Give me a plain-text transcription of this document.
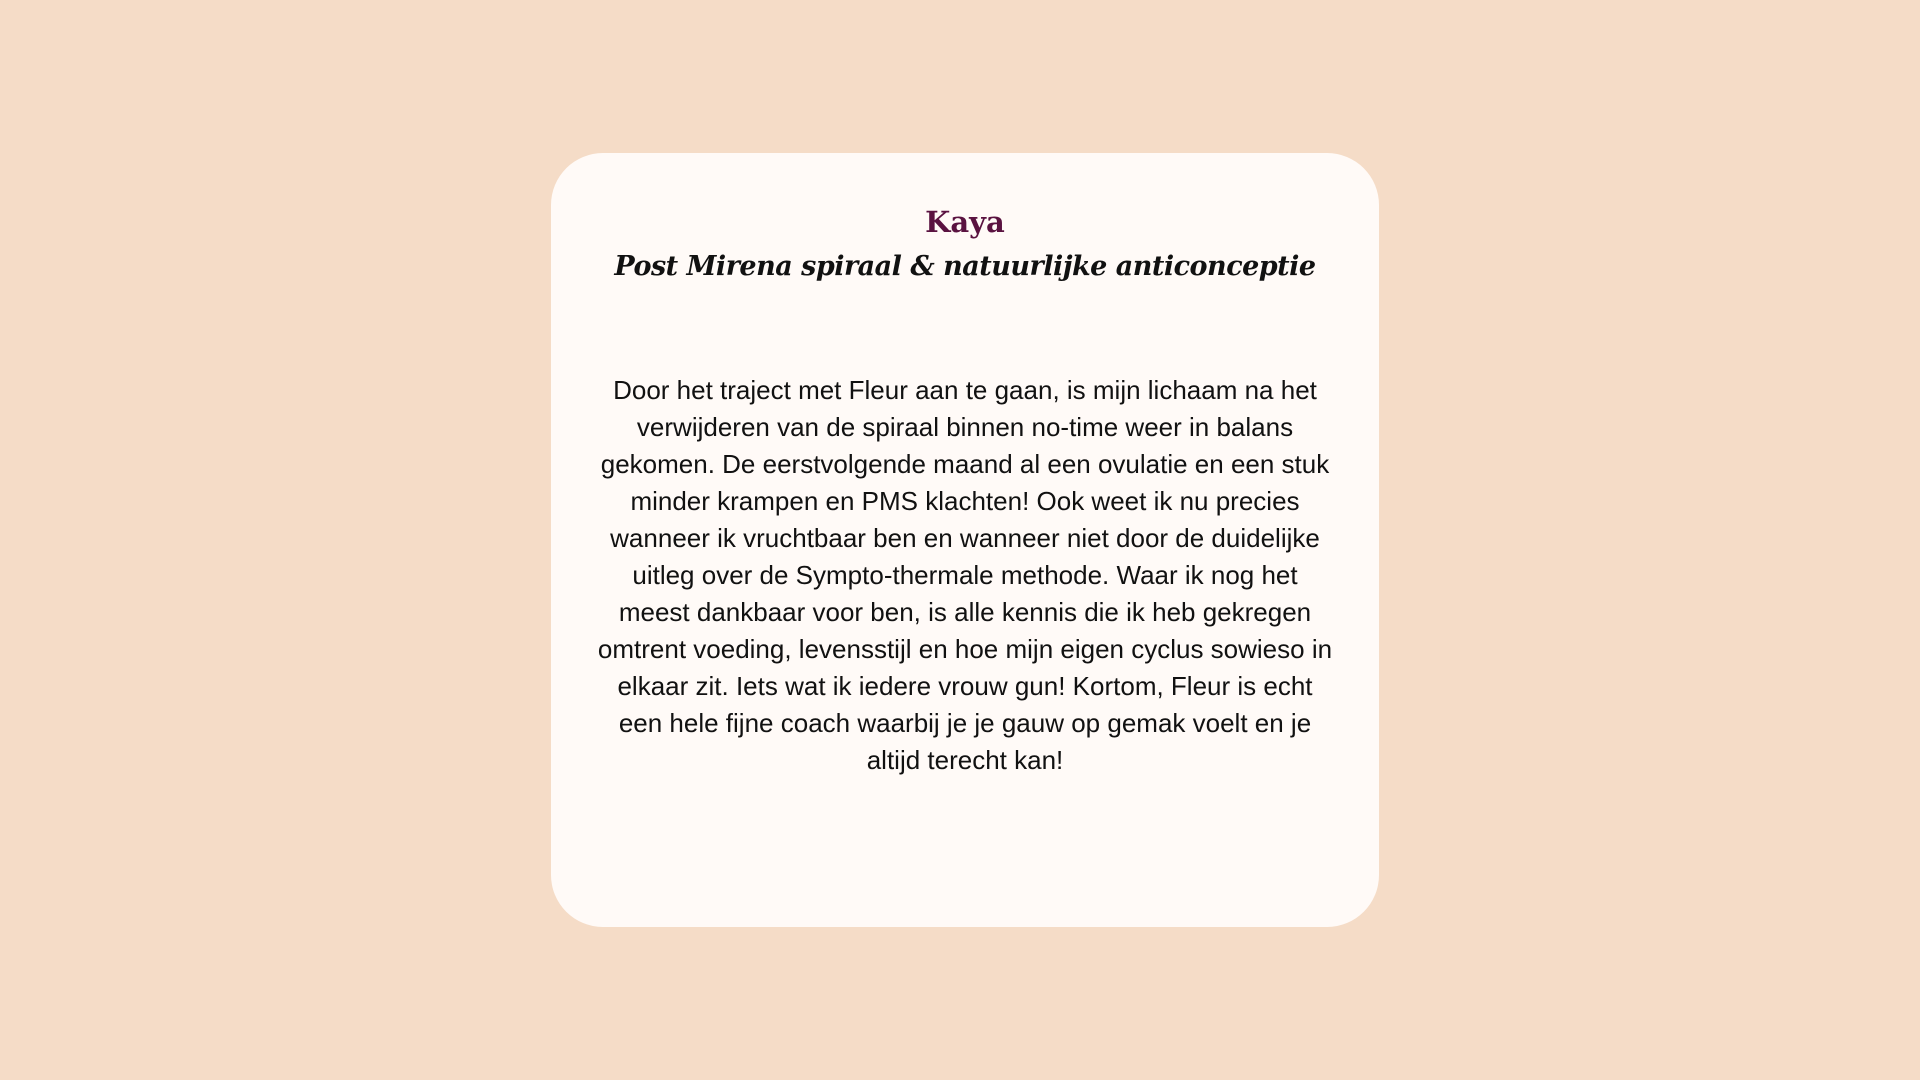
Kaya
Post Mirena spiraal & natuurlijke anticonceptie

Door het traject met Fleur aan te gaan, is mijn lichaam na het verwijderen van de spiraal binnen no-time weer in balans gekomen. De eerstvolgende maand al een ovulatie en een stuk minder krampen en PMS klachten! Ook weet ik nu precies wanneer ik vruchtbaar ben en wanneer niet door de duidelijke uitleg over de Sympto-thermale methode. Waar ik nog het meest dankbaar voor ben, is alle kennis die ik heb gekregen omtrent voeding, levensstijl en hoe mijn eigen cyclus sowieso in elkaar zit. Iets wat ik iedere vrouw gun! Kortom, Fleur is echt een hele fijne coach waarbij je je gauw op gemak voelt en je altijd terecht kan!
